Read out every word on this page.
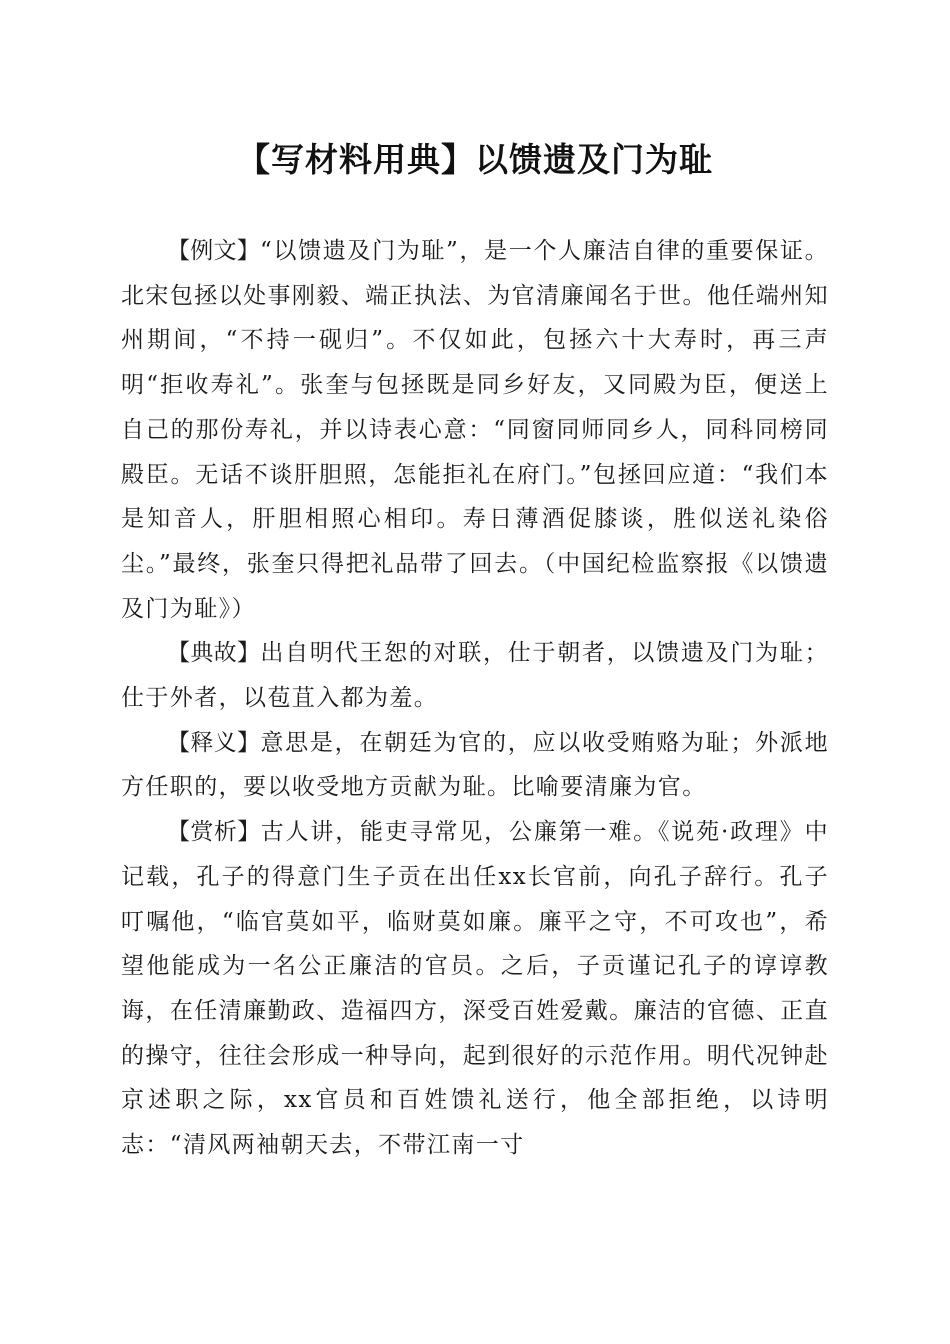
【写材料用典】以馈遗及门为耻

【例文】“以馈遗及门为耻”，是一个人廉洁自律的重要保证。北宋包拯以处事刚毅、端正执法、为官清廉闻名于世。他任端州知州期间，“不持一砚归”。不仅如此，包拯六十大寿时，再三声明“拒收寿礼”。张奎与包拯既是同乡好友，又同殿为臣，便送上自己的那份寿礼，并以诗表心意：“同窗同师同乡人，同科同榜同殿臣。无话不谈肝胆照，怎能拒礼在府门。”包拯回应道：“我们本是知音人，肝胆相照心相印。寿日薄酒促膝谈，胜似送礼染俗尘。”最终，张奎只得把礼品带了回去。（中国纪检监察报《以馈遗及门为耻》）

【典故】出自明代王恕的对联，仕于朝者，以馈遗及门为耻；仕于外者，以苞苴入都为羞。

【释义】意思是，在朝廷为官的，应以收受贿赂为耻；外派地方任职的，要以收受地方贡献为耻。比喻要清廉为官。

【赏析】古人讲，能吏寻常见，公廉第一难。《说苑·政理》中记载，孔子的得意门生子贡在出任xx长官前，向孔子辞行。孔子叮嘱他，“临官莫如平，临财莫如廉。廉平之守，不可攻也”，希望他能成为一名公正廉洁的官员。之后，子贡谨记孔子的谆谆教诲，在任清廉勤政、造福四方，深受百姓爱戴。廉洁的官德、正直的操守，往往会形成一种导向，起到很好的示范作用。明代况钟赴京述职之际，xx官员和百姓馈礼送行，他全部拒绝，以诗明志：“清风两袖朝天去，不带江南一寸
